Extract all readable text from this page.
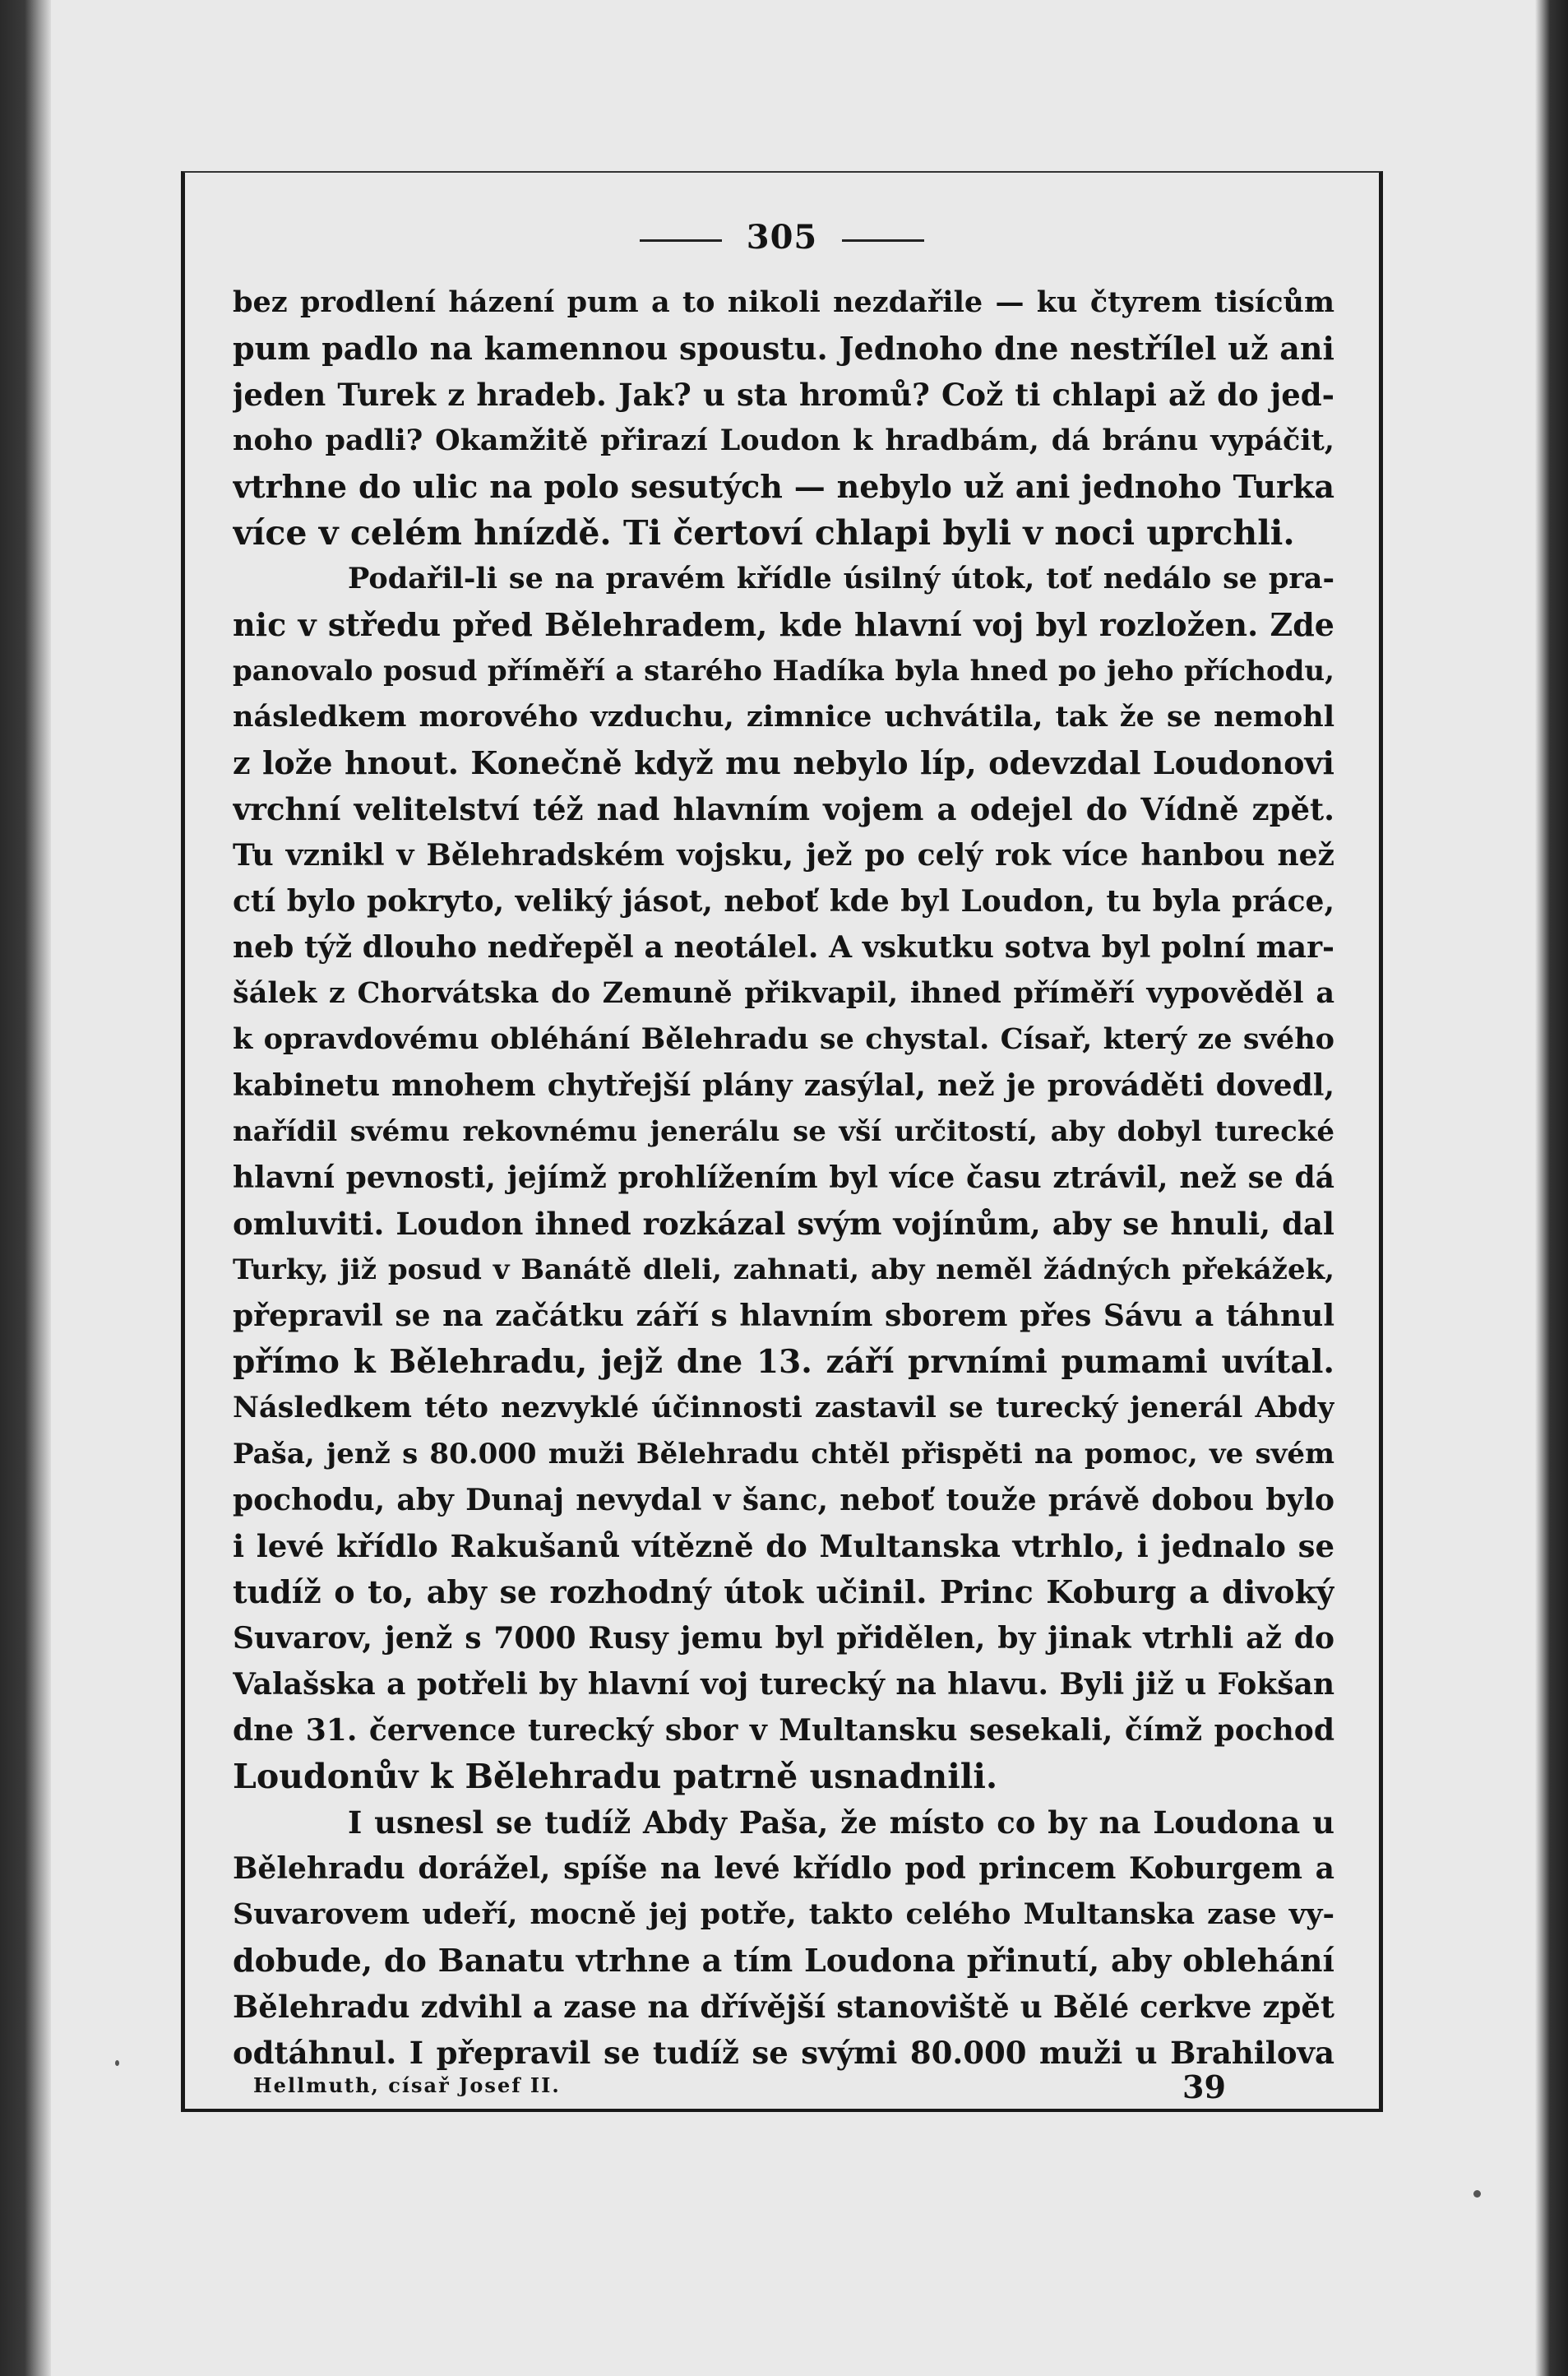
305
bez prodlení házení pum a to nikoli nezdařile — ku čtyrem tisícům
pum padlo na kamennou spoustu. Jednoho dne nestřílel už ani
jeden Turek z hradeb. Jak? u sta hromů? Což ti chlapi až do jed-
noho padli? Okamžitě přirazí Loudon k hradbám, dá bránu vypáčit,
vtrhne do ulic na polo sesutých — nebylo už ani jednoho Turka
více v celém hnízdě. Ti čertoví chlapi byli v noci uprchli.
Podařil-li se na pravém křídle úsilný útok, toť nedálo se pra-
nic v středu před Bělehradem, kde hlavní voj byl rozložen. Zde
panovalo posud příměří a starého Hadíka byla hned po jeho příchodu,
následkem morového vzduchu, zimnice uchvátila, tak že se nemohl
z lože hnout. Konečně když mu nebylo líp, odevzdal Loudonovi
vrchní velitelství též nad hlavním vojem a odejel do Vídně zpět.
Tu vznikl v Bělehradském vojsku, jež po celý rok více hanbou než
ctí bylo pokryto, veliký jásot, neboť kde byl Loudon, tu byla práce,
neb týž dlouho nedřepěl a neotálel. A vskutku sotva byl polní mar-
šálek z Chorvátska do Zemuně přikvapil, ihned příměří vypověděl a
k opravdovému obléhání Bělehradu se chystal. Císař, který ze svého
kabinetu mnohem chytřejší plány zasýlal, než je prováděti dovedl,
nařídil svému rekovnému jenerálu se vší určitostí, aby dobyl turecké
hlavní pevnosti, jejímž prohlížením byl více času ztrávil, než se dá
omluviti. Loudon ihned rozkázal svým vojínům, aby se hnuli, dal
Turky, již posud v Banátě dleli, zahnati, aby neměl žádných překážek,
přepravil se na začátku září s hlavním sborem přes Sávu a táhnul
přímo k Bělehradu, jejž dne 13. září prvními pumami uvítal.
Následkem této nezvyklé účinnosti zastavil se turecký jenerál Abdy
Paša, jenž s 80.000 muži Bělehradu chtěl přispěti na pomoc, ve svém
pochodu, aby Dunaj nevydal v šanc, neboť touže právě dobou bylo
i levé křídlo Rakušanů vítězně do Multanska vtrhlo, i jednalo se
tudíž o to, aby se rozhodný útok učinil. Princ Koburg a divoký
Suvarov, jenž s 7000 Rusy jemu byl přidělen, by jinak vtrhli až do
Valašska a potřeli by hlavní voj turecký na hlavu. Byli již u Fokšan
dne 31. července turecký sbor v Multansku sesekali, čímž pochod
Loudonův k Bělehradu patrně usnadnili.
I usnesl se tudíž Abdy Paša, že místo co by na Loudona u
Bělehradu dorážel, spíše na levé křídlo pod princem Koburgem a
Suvarovem udeří, mocně jej potře, takto celého Multanska zase vy-
dobude, do Banatu vtrhne a tím Loudona přinutí, aby oblehání
Bělehradu zdvihl a zase na dřívější stanoviště u Bělé cerkve zpět
odtáhnul. I přepravil se tudíž se svými 80.000 muži u Brahilova
Hellmuth, císař Josef II.	39
